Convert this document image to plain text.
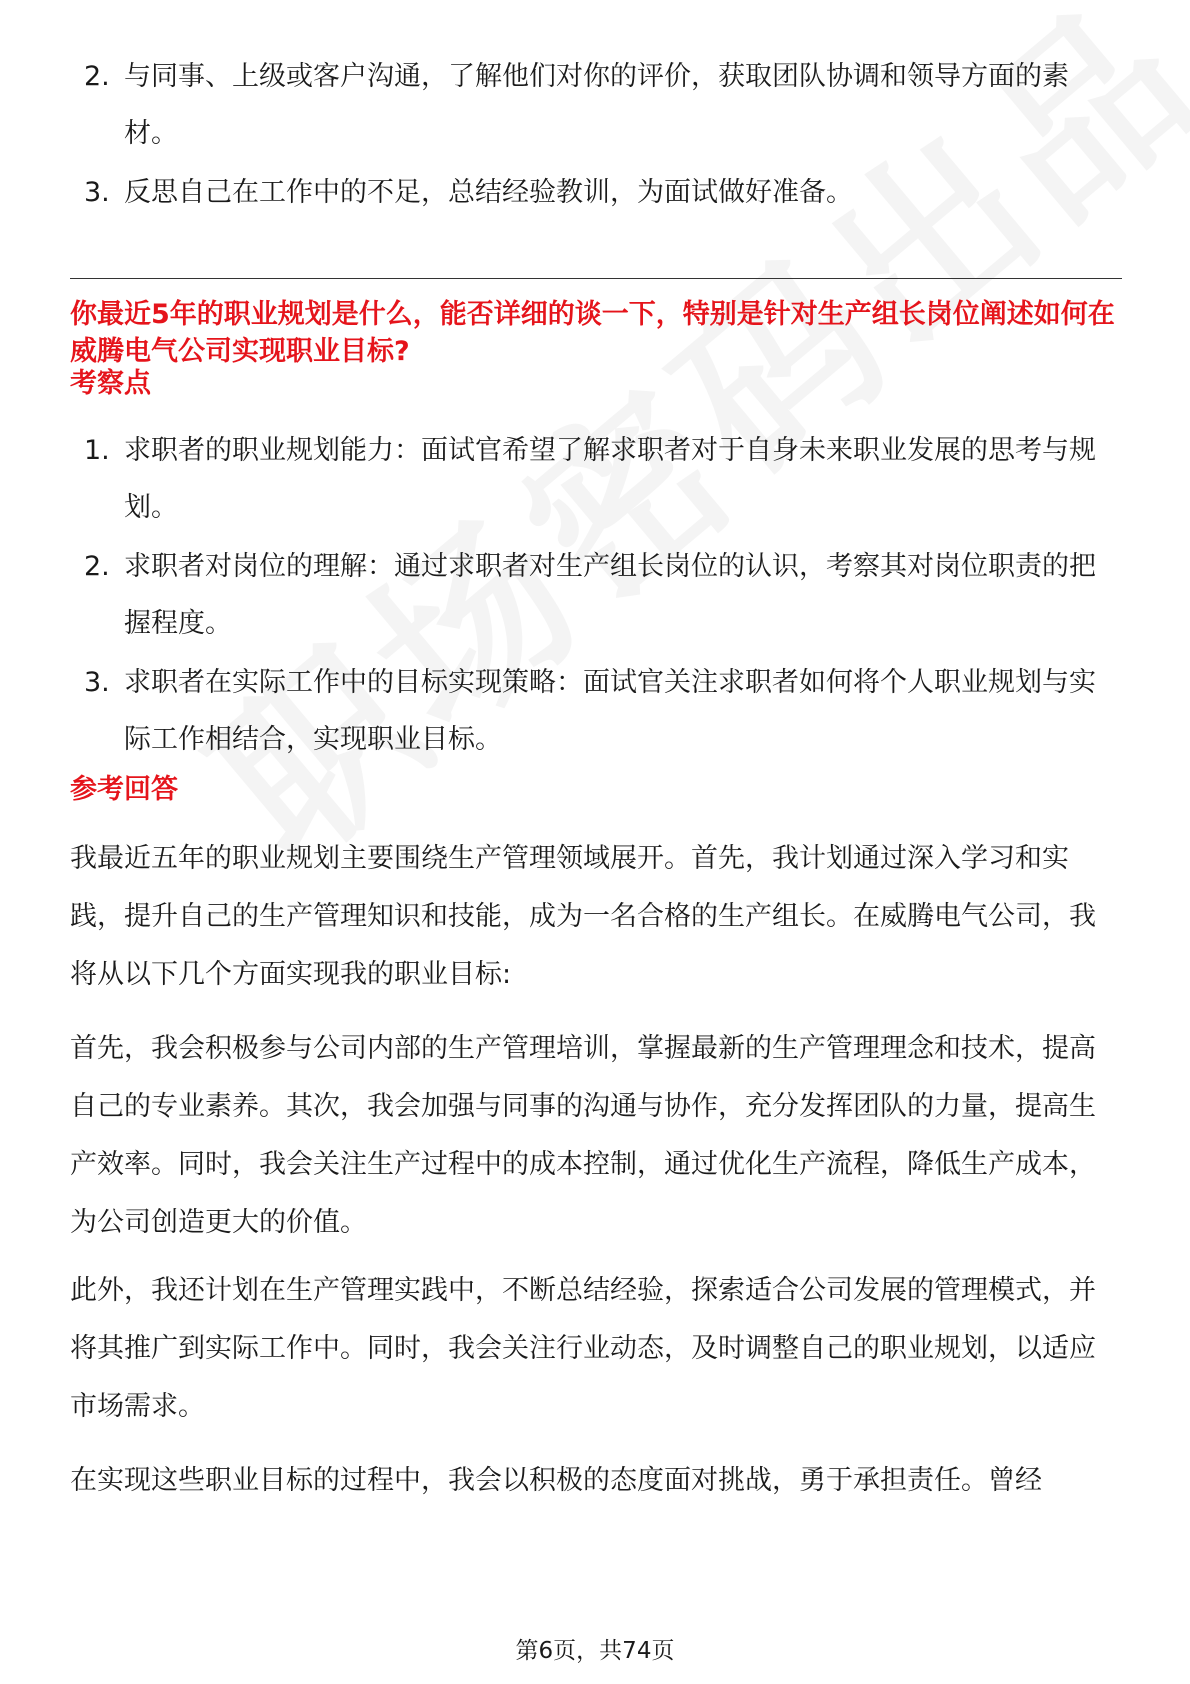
2. 与同事、上级或客户沟通，了解他们对你的评价，获取团队协调和领导方面的素材。
3. 反思自己在工作中的不足，总结经验教训，为面试做好准备。
你最近5年的职业规划是什么，能否详细的谈一下，特别是针对生产组长岗位阐述如何在威腾电气公司实现职业目标?
考察点
1. 求职者的职业规划能力：面试官希望了解求职者对于自身未来职业发展的思考与规划。
2. 求职者对岗位的理解：通过求职者对生产组长岗位的认识，考察其对岗位职责的把握程度。
3. 求职者在实际工作中的目标实现策略：面试官关注求职者如何将个人职业规划与实际工作相结合，实现职业目标。
参考回答

我最近五年的职业规划主要围绕生产管理领域展开。首先，我计划通过深入学习和实践，提升自己的生产管理知识和技能，成为一名合格的生产组长。在威腾电气公司，我将从以下几个方面实现我的职业目标:

首先，我会积极参与公司内部的生产管理培训，掌握最新的生产管理理念和技术，提高自己的专业素养。其次，我会加强与同事的沟通与协作，充分发挥团队的力量，提高生产效率。同时，我会关注生产过程中的成本控制，通过优化生产流程，降低生产成本，为公司创造更大的价值。

此外，我还计划在生产管理实践中，不断总结经验，探索适合公司发展的管理模式，并将其推广到实际工作中。同时，我会关注行业动态，及时调整自己的职业规划，以适应市场需求。

在实现这些职业目标的过程中，我会以积极的态度面对挑战，勇于承担责任。曾经

第6页，共74页
